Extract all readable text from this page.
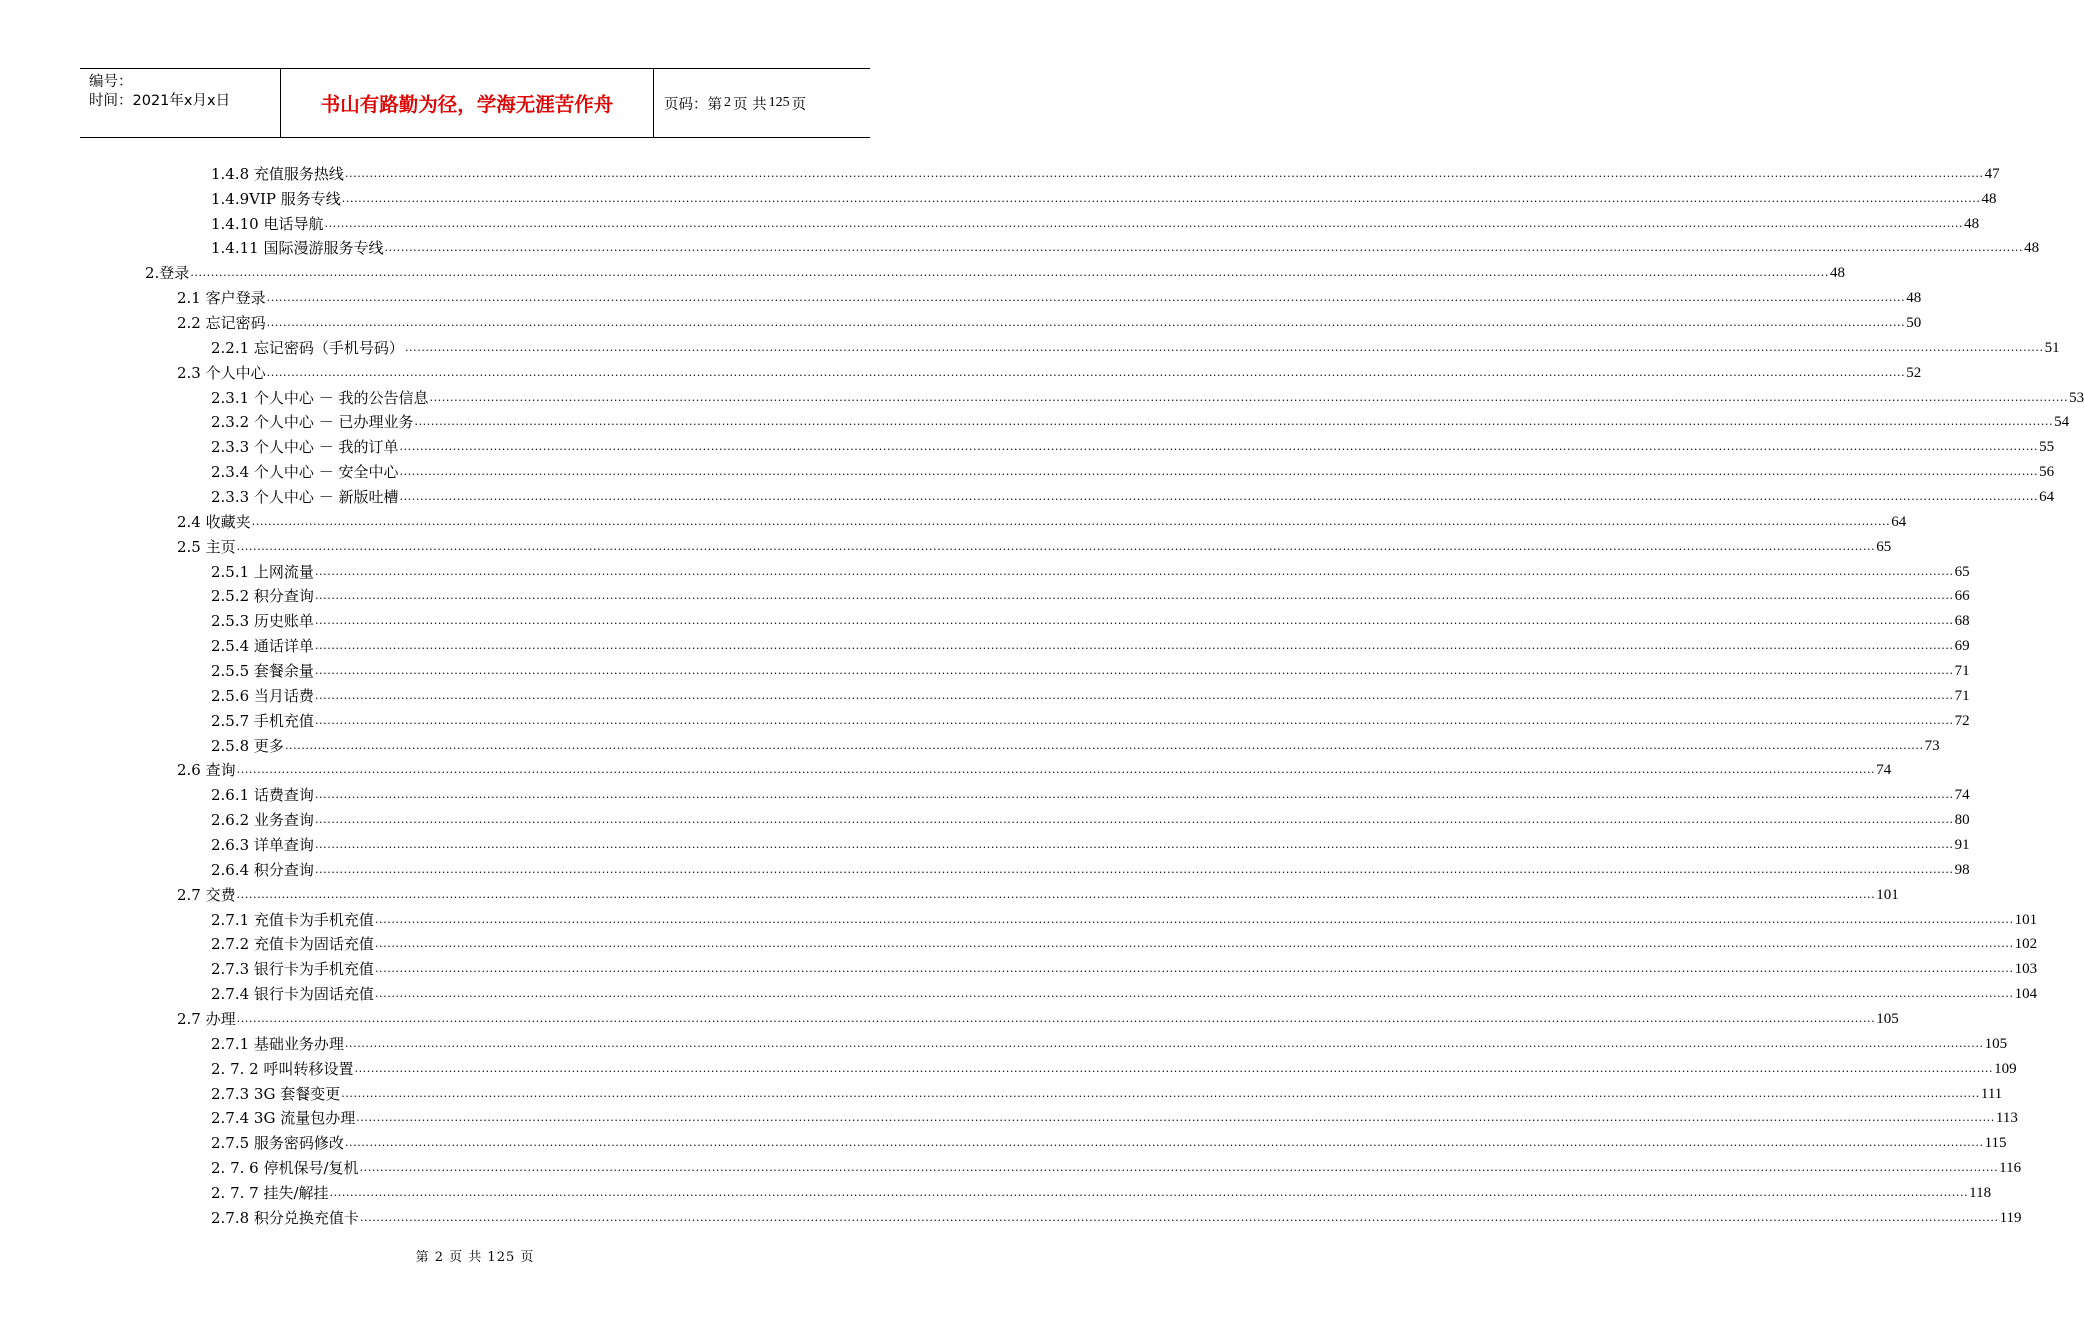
编号：
时间：2021年x月x日	书山有路勤为径，学海无涯苦作舟	页码：第 2 页 共 125 页
1.4.8 充值服务热线 ................................................................................................................................................................................................................................................................................................................................................................................................................ 47
1.4.9VIP 服务专线 ................................................................................................................................................................................................................................................................................................................................................................................................................ 48
1.4.10 电话导航 ................................................................................................................................................................................................................................................................................................................................................................................................................ 48
1.4.11 国际漫游服务专线 ................................................................................................................................................................................................................................................................................................................................................................................................................ 48
2.登录 ................................................................................................................................................................................................................................................................................................................................................................................................................ 48
2.1 客户登录 ................................................................................................................................................................................................................................................................................................................................................................................................................ 48
2.2 忘记密码 ................................................................................................................................................................................................................................................................................................................................................................................................................ 50
2.2.1 忘记密码（手机号码） ................................................................................................................................................................................................................................................................................................................................................................................................................ 51
2.3 个人中心 ................................................................................................................................................................................................................................................................................................................................................................................................................ 52
2.3.1 个人中心 － 我的公告信息 ................................................................................................................................................................................................................................................................................................................................................................................................................ 53
2.3.2 个人中心 － 已办理业务 ................................................................................................................................................................................................................................................................................................................................................................................................................ 54
2.3.3 个人中心 － 我的订单 ................................................................................................................................................................................................................................................................................................................................................................................................................ 55
2.3.4 个人中心 － 安全中心 ................................................................................................................................................................................................................................................................................................................................................................................................................ 56
2.3.3 个人中心 － 新版吐槽 ................................................................................................................................................................................................................................................................................................................................................................................................................ 64
2.4 收藏夹 ................................................................................................................................................................................................................................................................................................................................................................................................................ 64
2.5 主页 ................................................................................................................................................................................................................................................................................................................................................................................................................ 65
2.5.1 上网流量 ................................................................................................................................................................................................................................................................................................................................................................................................................ 65
2.5.2 积分查询 ................................................................................................................................................................................................................................................................................................................................................................................................................ 66
2.5.3 历史账单 ................................................................................................................................................................................................................................................................................................................................................................................................................ 68
2.5.4 通话详单 ................................................................................................................................................................................................................................................................................................................................................................................................................ 69
2.5.5 套餐余量 ................................................................................................................................................................................................................................................................................................................................................................................................................ 71
2.5.6 当月话费 ................................................................................................................................................................................................................................................................................................................................................................................................................ 71
2.5.7 手机充值 ................................................................................................................................................................................................................................................................................................................................................................................................................ 72
2.5.8 更多 ................................................................................................................................................................................................................................................................................................................................................................................................................ 73
2.6 查询 ................................................................................................................................................................................................................................................................................................................................................................................................................ 74
2.6.1 话费查询 ................................................................................................................................................................................................................................................................................................................................................................................................................ 74
2.6.2 业务查询 ................................................................................................................................................................................................................................................................................................................................................................................................................ 80
2.6.3 详单查询 ................................................................................................................................................................................................................................................................................................................................................................................................................ 91
2.6.4 积分查询 ................................................................................................................................................................................................................................................................................................................................................................................................................ 98
2.7 交费 ................................................................................................................................................................................................................................................................................................................................................................................................................ 101
2.7.1 充值卡为手机充值 ................................................................................................................................................................................................................................................................................................................................................................................................................ 101
2.7.2 充值卡为固话充值 ................................................................................................................................................................................................................................................................................................................................................................................................................ 102
2.7.3 银行卡为手机充值 ................................................................................................................................................................................................................................................................................................................................................................................................................ 103
2.7.4 银行卡为固话充值 ................................................................................................................................................................................................................................................................................................................................................................................................................ 104
2.7 办理 ................................................................................................................................................................................................................................................................................................................................................................................................................ 105
2.7.1 基础业务办理 ................................................................................................................................................................................................................................................................................................................................................................................................................ 105
2. 7. 2 呼叫转移设置 ................................................................................................................................................................................................................................................................................................................................................................................................................ 109
2.7.3 3G 套餐变更 ................................................................................................................................................................................................................................................................................................................................................................................................................ 111
2.7.4 3G 流量包办理 ................................................................................................................................................................................................................................................................................................................................................................................................................ 113
2.7.5 服务密码修改 ................................................................................................................................................................................................................................................................................................................................................................................................................ 115
2. 7. 6 停机保号/复机 ................................................................................................................................................................................................................................................................................................................................................................................................................ 116
2. 7. 7 挂失/解挂 ................................................................................................................................................................................................................................................................................................................................................................................................................ 118
2.7.8 积分兑换充值卡 ................................................................................................................................................................................................................................................................................................................................................................................................................ 119
第 2 页 共 125 页
